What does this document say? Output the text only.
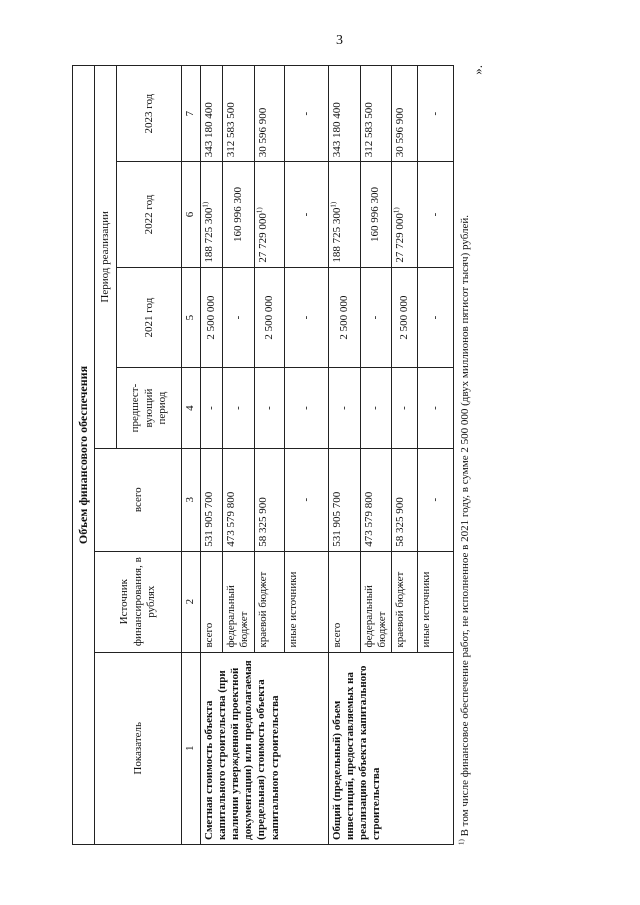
3
Объем финансового обеспечения						
Показатель	Источник финансирования, в рублях	всего	Период реализации			
			предшест-вующий период	2021 год	2022 год	2023 год

1	2	3	4	5	6	7
Сметная стоимость объекта капитального строительства (при наличии утвержденной проектной документации) или предполагаемая (предельная) стоимость объекта капитального строительства	всего	531 905 700	-	2 500 000	188 725 300$^{1)}$	343 180 400
	федеральный бюджет	473 579 800	-	-	160 996 300	312 583 500
	краевой бюджет	58 325 900	-	2 500 000	27 729 000$^{1)}$	30 596 900
	иные источники	-	-	-	-	-
Общий (предельный) объем инвестиций, предоставляемых на реализацию объекта капитального строительства	всего	531 905 700	-	2 500 000	188 725 300$^{1)}$	343 180 400
	федеральный бюджет	473 579 800	-	-	160 996 300	312 583 500
	краевой бюджет	58 325 900	-	2 500 000	27 729 000$^{1)}$	30 596 900
	иные источники	-	-	-	-	-
$^{1)}$ В том числе финансовое обеспечение работ, не исполненное в 2021 году, в сумме 2 500 000 (двух миллионов пятисот тысяч) рублей.
».
